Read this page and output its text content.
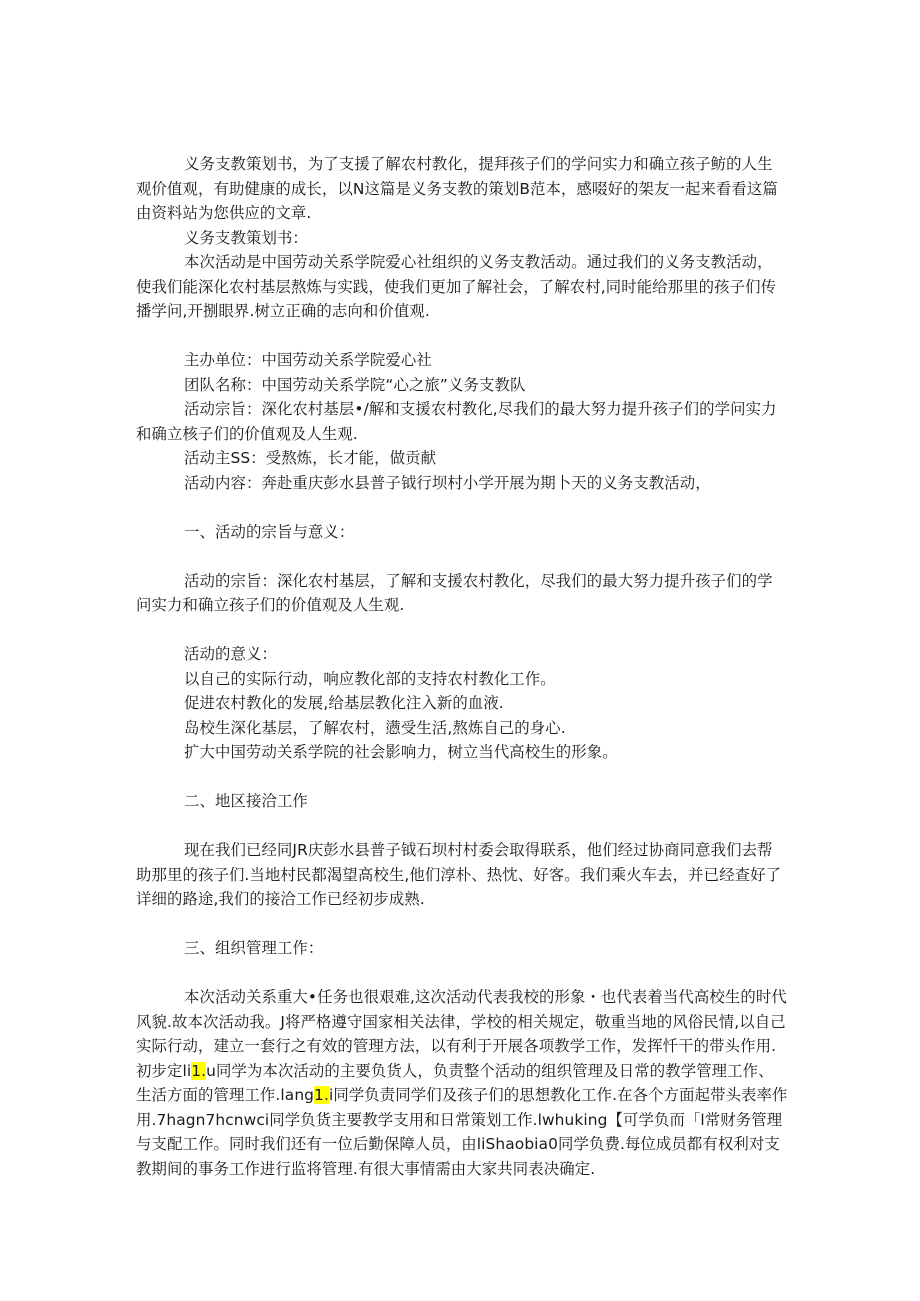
义务支教策划书，为了支援了解农村教化，提拜孩子们的学问实力和确立孩子鲂的人生观价值观，有助健康的成长，以N这篇是义务支教的策划B范本，感啜好的架友一起来看看这篇由资料站为您供应的文章.

义务支教策划书：

本次活动是中国劳动关系学院爱心社组织的义务支教活动。通过我们的义务支教活动，使我们能深化农村基层熬炼与实践，使我们更加了解社会，了解农村,同时能给那里的孩子们传播学问,开捌眼界.树立正确的志向和价值观.

主办单位：中国劳动关系学院爱心社

团队名称：中国劳动关系学院“心之旅”义务支教队

活动宗旨：深化农村基层•/解和支援农村教化,尽我们的最大努力提升孩子们的学问实力和确立核子们的价值观及人生观.

活动主SS：受熬炼，长才能，做贡献

活动内容：奔赴重庆彭水县普子钺行坝村小学开展为期卜天的义务支教活动，

一、活动的宗旨与意义：

活动的宗旨：深化农村基层，了解和支援农村教化，尽我们的最大努力提升孩子们的学问实力和确立孩子们的价值观及人生观.

活动的意义：

以自己的实际行动，响应教化部的支持农村教化工作。

促进农村教化的发展,给基层教化注入新的血液.

岛校生深化基层，了解农村，懑受生活,熬炼自己的身心.

扩大中国劳动关系学院的社会影响力，树立当代高校生的形象。

二、地区接洽工作

现在我们已经同JR庆彭水县普子钺石坝村村委会取得联系，他们经过协商同意我们去帮助那里的孩子们.当地村民都渴望高校生,他们淳朴、热忱、好客。我们乘火车去，并已经查好了详细的路途,我们的接洽工作已经初步成熟.

三、组织管理工作：

本次活动关系重大•任务也很艰难,这次活动代表我校的形象・也代表着当代高校生的时代风貌.故本次活动我。J将严格遵守国家相关法律，学校的相关规定，敬重当地的风俗民情,以自己实际行动，建立一套行之有效的管理方法，以有利于开展各项教学工作，发挥忏干的带头作用.初步定li1.u同学为本次活动的主要负货人，负责整个活动的组织管理及日常的教学管理工作、生活方面的管理工作.lang1.i同学负责同学们及孩子们的思想教化工作.在各个方面起带头表率作用.7hagn7hcnwci同学负货主要教学支用和日常策划工作.lwhuking【可学负而「l常财务管理与支配工作。同时我们还有一位后勤保障人员，由liShaobia0同学负费.每位成员都有权利对支教期间的事务工作进行监将管理.有很大事情需由大家共同表决确定.
